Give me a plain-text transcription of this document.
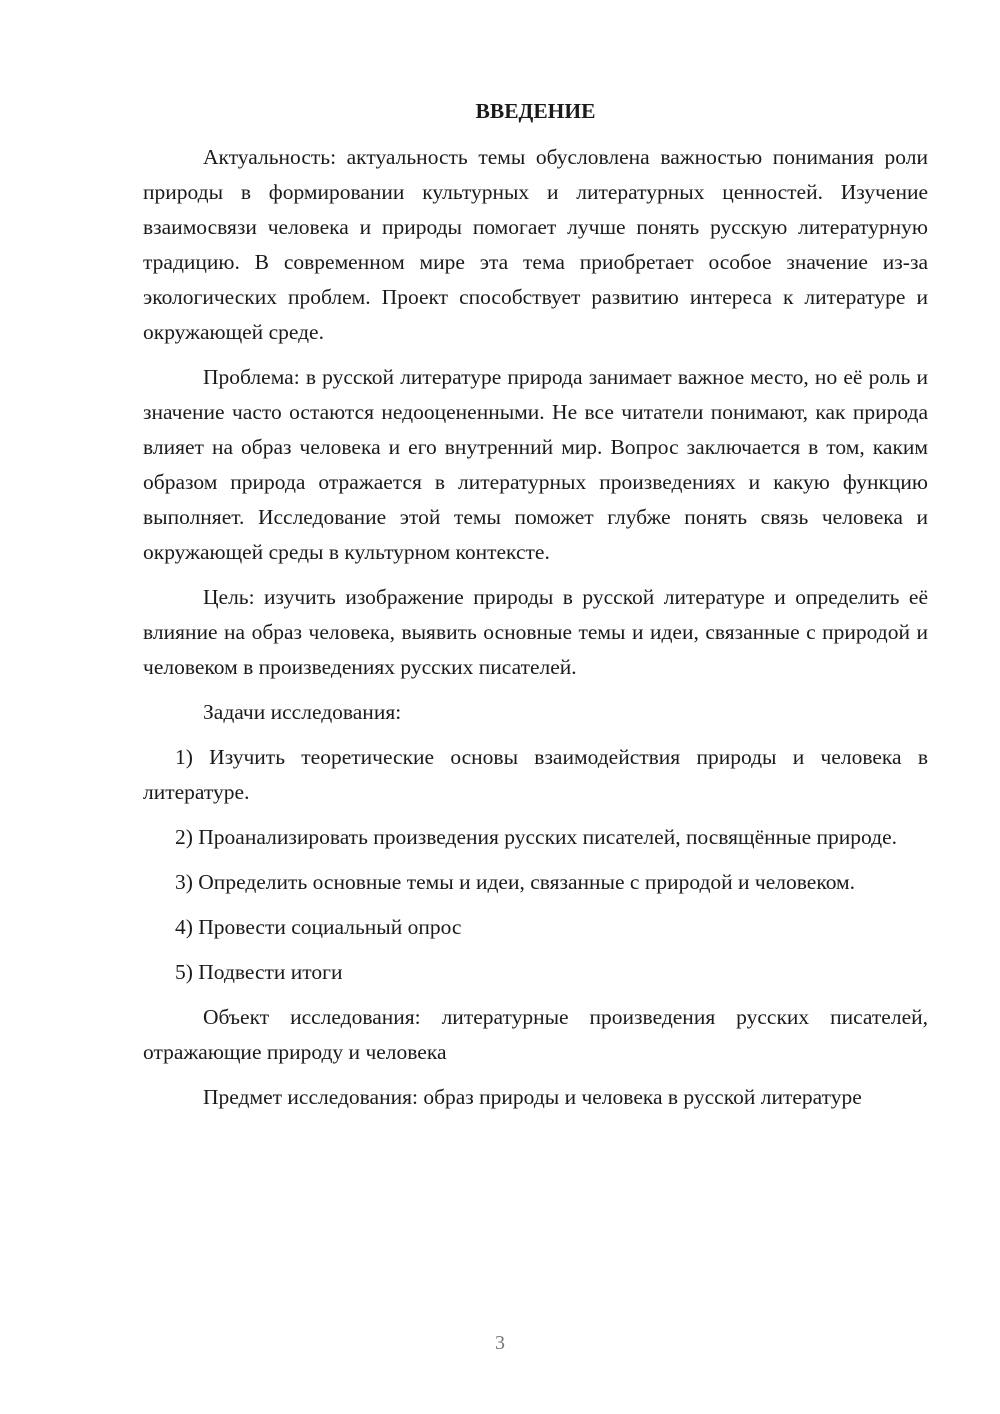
ВВЕДЕНИЕ

Актуальность: актуальность темы обусловлена важностью понимания роли природы в формировании культурных и литературных ценностей. Изучение взаимосвязи человека и природы помогает лучше понять русскую литературную традицию. В современном мире эта тема приобретает особое значение из-за экологических проблем. Проект способствует развитию интереса к литературе и окружающей среде.

Проблема: в русской литературе природа занимает важное место, но её роль и значение часто остаются недооцененными. Не все читатели понимают, как природа влияет на образ человека и его внутренний мир. Вопрос заключается в том, каким образом природа отражается в литературных произведениях и какую функцию выполняет. Исследование этой темы поможет глубже понять связь человека и окружающей среды в культурном контексте.

Цель: изучить изображение природы в русской литературе и определить её влияние на образ человека, выявить основные темы и идеи, связанные с природой и человеком в произведениях русских писателей.

Задачи исследования:

1) Изучить теоретические основы взаимодействия природы и человека в литературе.

2) Проанализировать произведения русских писателей, посвящённые природе.

3) Определить основные темы и идеи, связанные с природой и человеком.

4) Провести социальный опрос

5) Подвести итоги

Объект исследования: литературные произведения русских писателей, отражающие природу и человека

Предмет исследования: образ природы и человека в русской литературе

3
